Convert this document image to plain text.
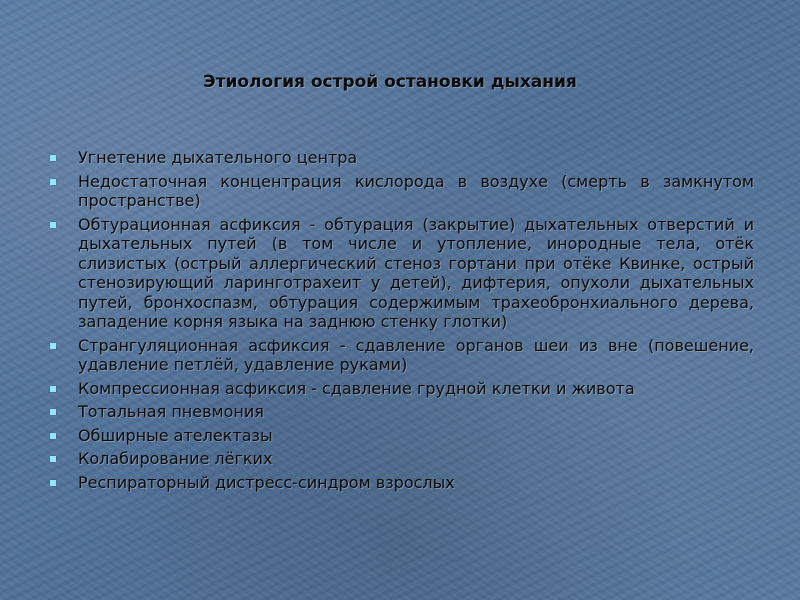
Этиология острой остановки дыхания
Угнетение дыхательного центра
Недостаточная концентрация кислорода в воздухе (смерть в замкнутом пространстве)
Обтурационная асфиксия - обтурация (закрытие) дыхательных отверстий и дыхательных путей (в том числе и утопление, инородные тела, отёк слизистых (острый аллергический стеноз гортани при отёке Квинке, острый стенозирующий ларинготрахеит у детей), дифтерия, опухоли дыхательных путей, бронхоспазм, обтурация содержимым трахеобронхиального дерева, западение корня языка на заднюю стенку глотки)
Странгуляционная асфиксия - сдавление органов шеи из вне (повешение, удавление петлёй, удавление руками)
Компрессионная асфиксия - сдавление грудной клетки и живота
Тотальная пневмония
Обширные ателектазы
Колабирование лёгких
Респираторный дистресс-синдром взрослых
